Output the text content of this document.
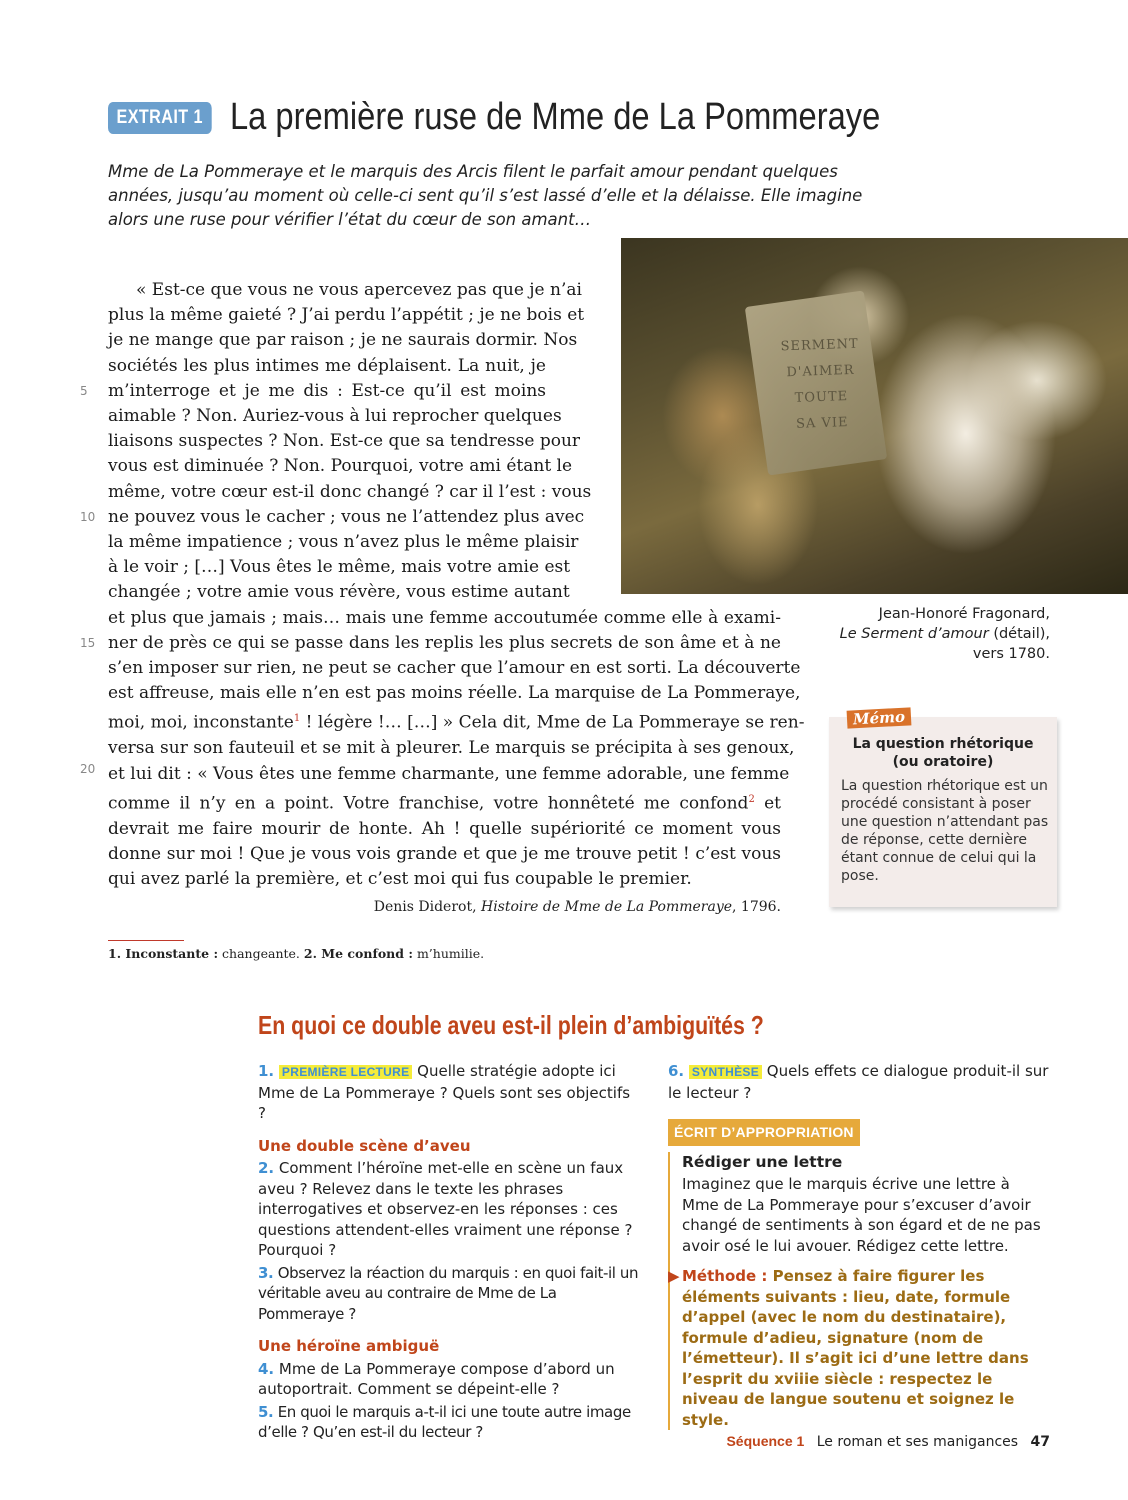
EXTRAIT 1 La première ruse de Mme de La Pommeraye
Mme de La Pommeraye et le marquis des Arcis filent le parfait amour pendant quelques années, jusqu’au moment où celle-ci sent qu’il s’est lassé d’elle et la délaisse. Elle imagine alors une ruse pour vérifier l’état du cœur de son amant…
SERMENT
D'AIMER
TOUTE
SA VIE
Jean-Honoré Fragonard,
Le Serment d’amour (détail),
vers 1780.
5
10
15
20
« Est-ce que vous ne vous apercevez pas que je n’ai
plus la même gaieté ? J’ai perdu l’appétit ; je ne bois et
je ne mange que par raison ; je ne saurais dormir. Nos
sociétés les plus intimes me déplaisent. La nuit, je
m’interroge et je me dis : Est-ce qu’il est moins
aimable ? Non. Auriez-vous à lui reprocher quelques
liaisons suspectes ? Non. Est-ce que sa tendresse pour
vous est diminuée ? Non. Pourquoi, votre ami étant le
même, votre cœur est-il donc changé ? car il l’est : vous
ne pouvez vous le cacher ; vous ne l’attendez plus avec
la même impatience ; vous n’avez plus le même plaisir
à le voir ; […] Vous êtes le même, mais votre amie est
changée ; votre amie vous révère, vous estime autant
et plus que jamais ; mais… mais une femme accoutumée comme elle à exami-
ner de près ce qui se passe dans les replis les plus secrets de son âme et à ne
s’en imposer sur rien, ne peut se cacher que l’amour en est sorti. La découverte
est affreuse, mais elle n’en est pas moins réelle. La marquise de La Pommeraye,
moi, moi, inconstante$^1$ ! légère !… […] » Cela dit, Mme de La Pommeraye se ren-
versa sur son fauteuil et se mit à pleurer. Le marquis se précipita à ses genoux,
et lui dit : « Vous êtes une femme charmante, une femme adorable, une femme
comme il n’y en a point. Votre franchise, votre honnêteté me confond$^2$ et
devrait me faire mourir de honte. Ah ! quelle supériorité ce moment vous
donne sur moi ! Que je vous vois grande et que je me trouve petit ! c’est vous
qui avez parlé la première, et c’est moi qui fus coupable le premier.
Denis Diderot, Histoire de Mme de La Pommeraye, 1796.
1. Inconstante : changeante. 2. Me confond : m’humilie.
Mémo
La question rhétorique
(ou oratoire)
La question rhétorique est un procédé consistant à poser une question n’attendant pas de réponse, cette dernière étant connue de celui qui la pose.
En quoi ce double aveu est-il plein d’ambiguïtés ?

1. PREMIÈRE LECTURE Quelle stratégie adopte ici Mme de La Pommeraye ? Quels sont ses objectifs ?

Une double scène d’aveu

2. Comment l’héroïne met-elle en scène un faux aveu ? Relevez dans le texte les phrases interrogatives et observez-en les réponses : ces questions attendent-elles vraiment une réponse ? Pourquoi ?

3. Observez la réaction du marquis : en quoi fait-il un véritable aveu au contraire de Mme de La Pommeraye ?

Une héroïne ambiguë

4. Mme de La Pommeraye compose d’abord un autoportrait. Comment se dépeint-elle ?

5. En quoi le marquis a-t-il ici une toute autre image d’elle ? Qu’en est-il du lecteur ?

6. SYNTHÈSE Quels effets ce dialogue produit-il sur le lecteur ?

ÉCRIT D’APPROPRIATION
Rédiger une lettre
Imaginez que le marquis écrive une lettre à Mme de La Pommeraye pour s’excuser d’avoir changé de sentiments à son égard et de ne pas avoir osé le lui avouer. Rédigez cette lettre.
▶ Méthode : Pensez à faire figurer les éléments suivants : lieu, date, formule d’appel (avec le nom du destinataire), formule d’adieu, signature (nom de l’émetteur). Il s’agit ici d’une lettre dans l’esprit du xviiie siècle : respectez le niveau de langue soutenu et soignez le style.
Séquence 1 Le roman et ses manigances 47
